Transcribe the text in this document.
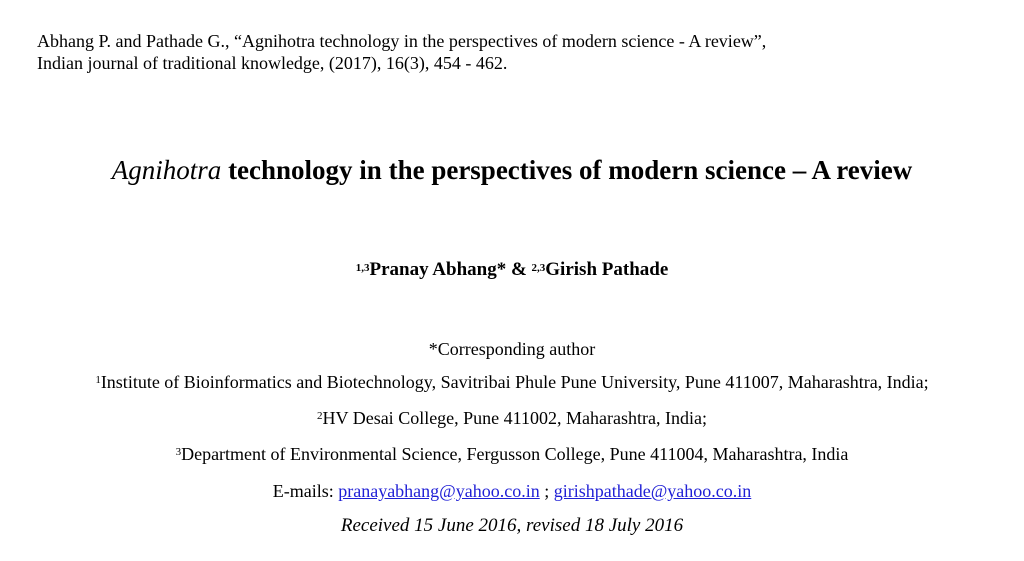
Abhang P. and Pathade G., “Agnihotra technology in the perspectives of modern science - A review”,
Indian journal of traditional knowledge, (2017), 16(3), 454 - 462.
Agnihotra technology in the perspectives of modern science – A review
$^{1,3}$Pranay Abhang* & $^{2,3}$Girish Pathade
*Corresponding author
$^1$Institute of Bioinformatics and Biotechnology, Savitribai Phule Pune University, Pune 411007, Maharashtra, India;
$^2$HV Desai College, Pune 411002, Maharashtra, India;
$^3$Department of Environmental Science, Fergusson College, Pune 411004, Maharashtra, India
E-mails: pranayabhang@yahoo.co.in ; girishpathade@yahoo.co.in
Received 15 June 2016, revised 18 July 2016
